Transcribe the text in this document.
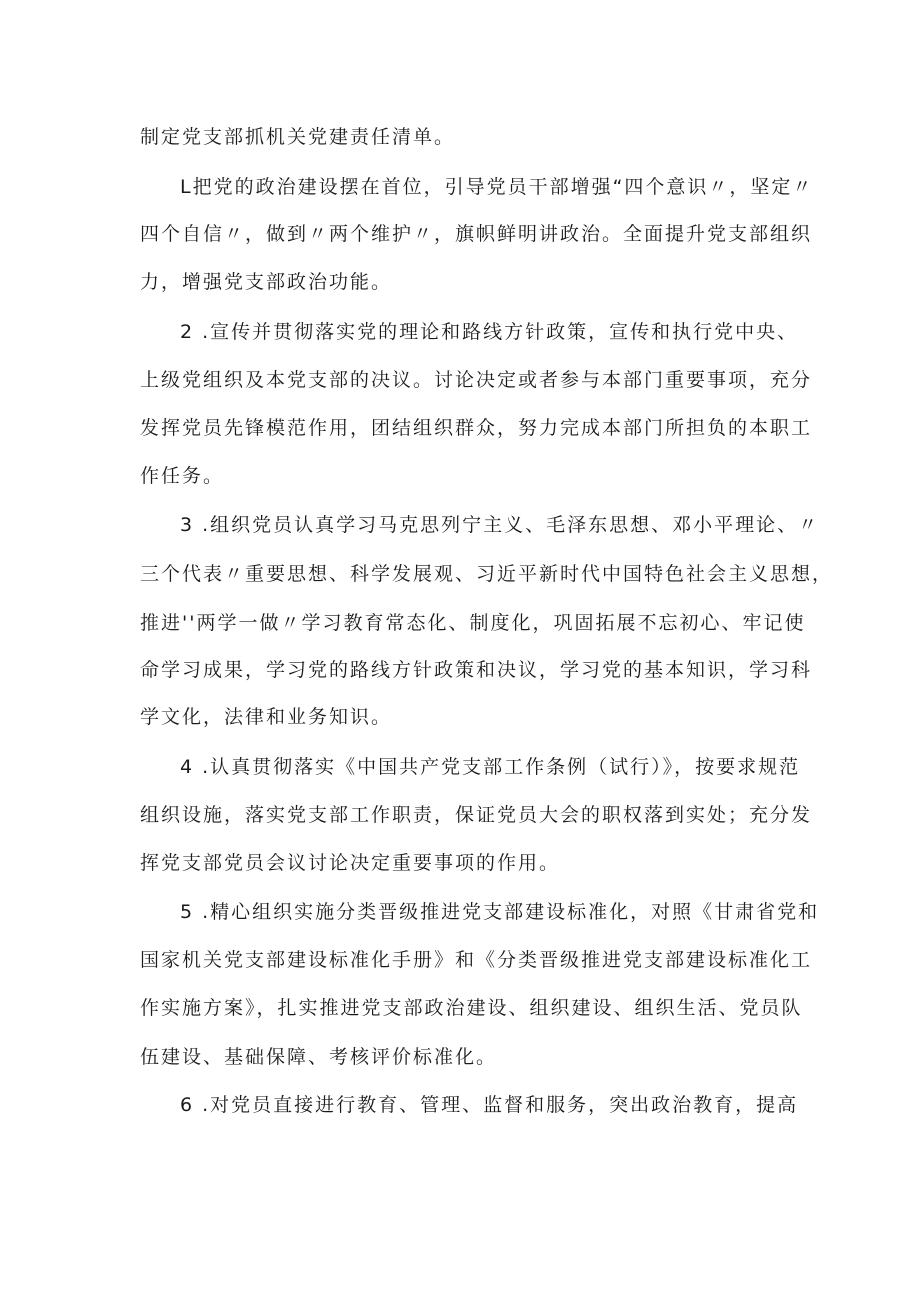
制定党支部抓机关党建责任清单。
L把党的政治建设摆在首位，引导党员干部增强“四个意识〃，坚定〃
四个自信〃，做到〃两个维护〃，旗帜鲜明讲政治。全面提升党支部组织
力，增强党支部政治功能。
2 .宣传并贯彻落实党的理论和路线方针政策，宣传和执行党中央、
上级党组织及本党支部的决议。讨论决定或者参与本部门重要事项，充分
发挥党员先锋模范作用，团结组织群众，努力完成本部门所担负的本职工
作任务。
3 .组织党员认真学习马克思列宁主义、毛泽东思想、邓小平理论、〃
三个代表〃重要思想、科学发展观、习近平新时代中国特色社会主义思想，
推进''两学一做〃学习教育常态化、制度化，巩固拓展不忘初心、牢记使
命学习成果，学习党的路线方针政策和决议，学习党的基本知识，学习科
学文化，法律和业务知识。
4 .认真贯彻落实《中国共产党支部工作条例（试行）》，按要求规范
组织设施，落实党支部工作职责，保证党员大会的职权落到实处；充分发
挥党支部党员会议讨论决定重要事项的作用。
5 .精心组织实施分类晋级推进党支部建设标准化，对照《甘肃省党和
国家机关党支部建设标准化手册》和《分类晋级推进党支部建设标准化工
作实施方案》，扎实推进党支部政治建设、组织建设、组织生活、党员队
伍建设、基础保障、考核评价标准化。
6 .对党员直接进行教育、管理、监督和服务，突出政治教育，提高
